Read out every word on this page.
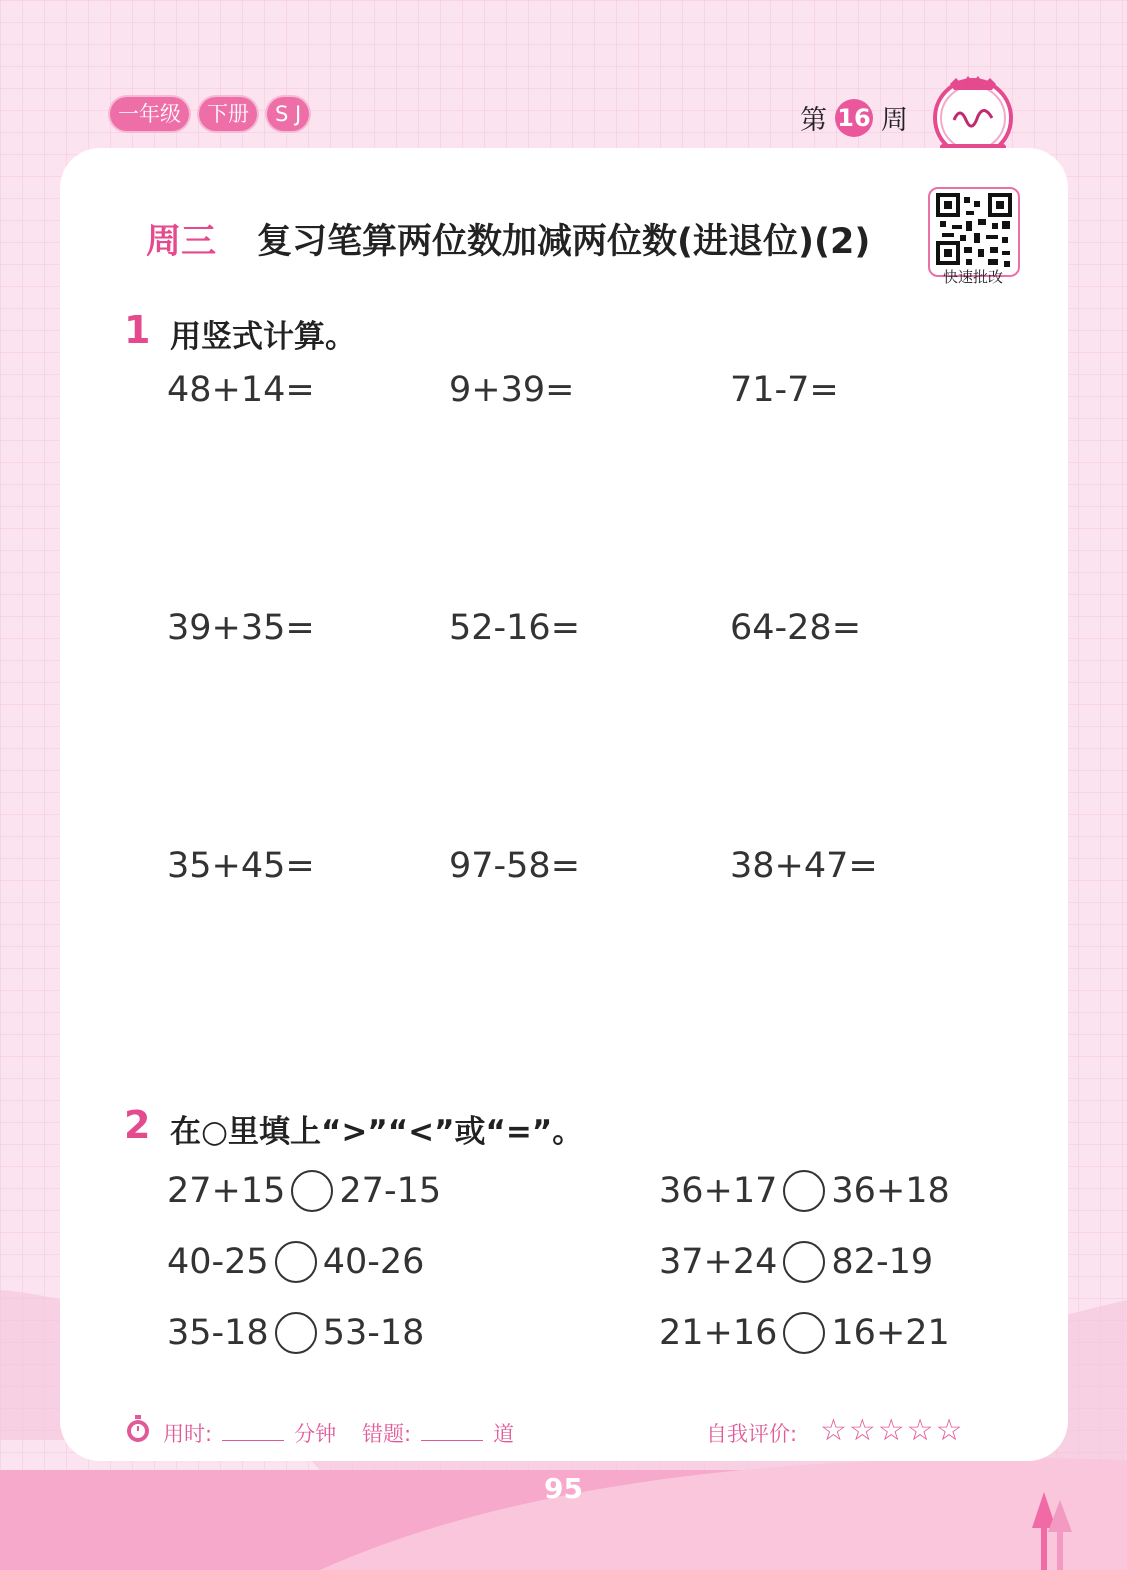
一年级	下册	S J	第 16 周
周三 复习笔算两位数加减两位数(进退位)(2)
快速批改
1 用竖式计算。
48+14=	9+39=	71-7=
39+35=	52-16=	64-28=
35+45=	97-58=	38+47=
2 在○里填上“>”“<”或“=”。
27+15 27-15	36+17 36+18
40-25 40-26	37+24 82-19
35-18 53-18	21+16 16+21
用时:	分钟 错题:	道	自我评价: ☆☆☆☆☆
95
